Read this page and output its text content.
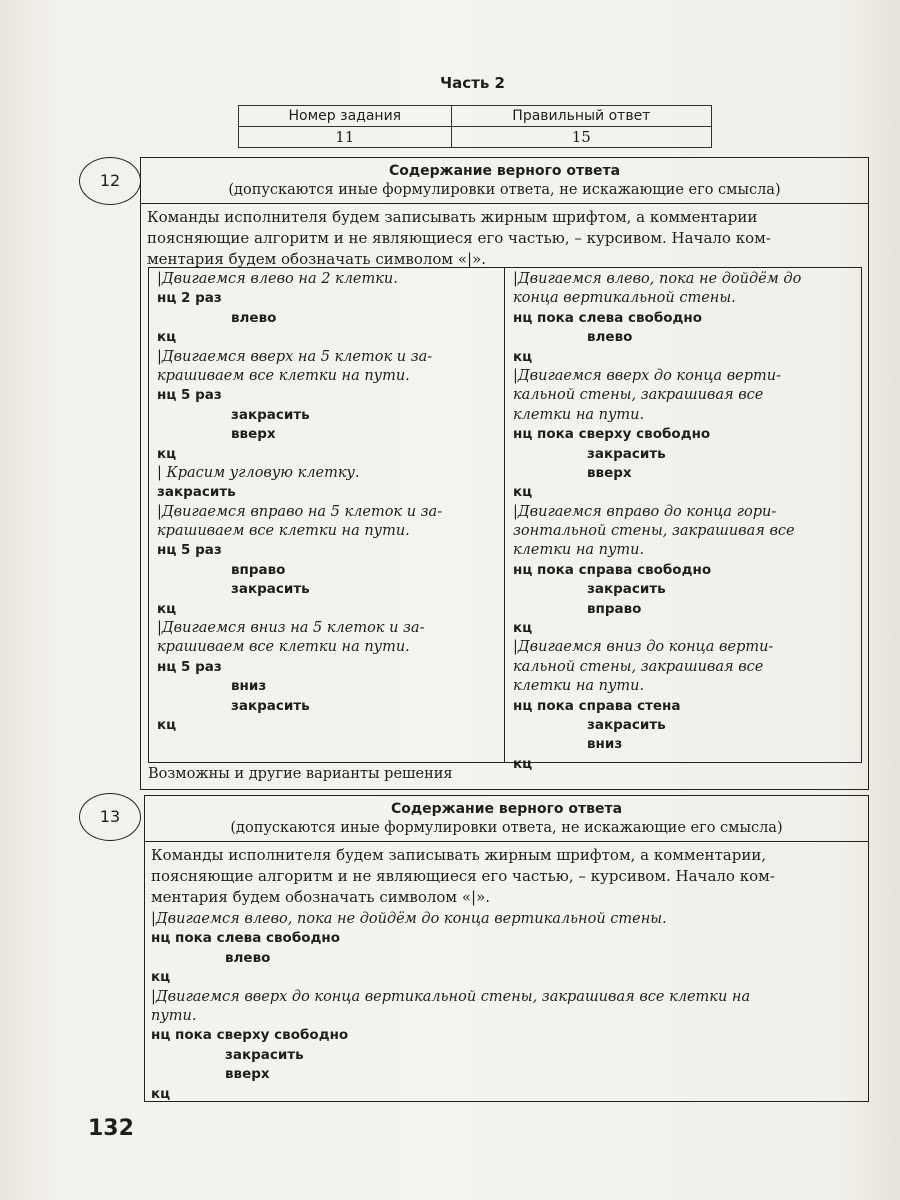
Часть 2
Номер задания	Правильный ответ
11	15
12	Содержание верного ответа
(допускаются иные формулировки ответа, не искажающие его смысла)
Команды исполнителя будем записывать жирным шрифтом, а комментарии
поясняющие алгоритм и не являющиеся его частью, – курсивом. Начало ком-
ментария будем обозначать символом «|».
|Двигаемся влево на 2 клетки.
нц 2 раз
влево
кц
|Двигаемся вверх на 5 клеток и за-
крашиваем все клетки на пути.
нц 5 раз
закрасить
вверх
кц
| Красим угловую клетку.
закрасить
|Двигаемся вправо на 5 клеток и за-
крашиваем все клетки на пути.
нц 5 раз
вправо
закрасить
кц
|Двигаемся вниз на 5 клеток и за-
крашиваем все клетки на пути.
нц 5 раз
вниз
закрасить
кц
|Двигаемся влево, пока не дойдём до
конца вертикальной стены.
нц пока слева свободно
влево
кц
|Двигаемся вверх до конца верти-
кальной стены, закрашивая все
клетки на пути.
нц пока сверху свободно
закрасить
вверх
кц
|Двигаемся вправо до конца гори-
зонтальной стены, закрашивая все
клетки на пути.
нц пока справа свободно
закрасить
вправо
кц
|Двигаемся вниз до конца верти-
кальной стены, закрашивая все
клетки на пути.
нц пока справа стена
закрасить
вниз
кц
Возможны и другие варианты решения
13	Содержание верного ответа
(допускаются иные формулировки ответа, не искажающие его смысла)
Команды исполнителя будем записывать жирным шрифтом, а комментарии,
поясняющие алгоритм и не являющиеся его частью, – курсивом. Начало ком-
ментария будем обозначать символом «|».
|Двигаемся влево, пока не дойдём до конца вертикальной стены.
нц пока слева свободно
влево
кц
|Двигаемся вверх до конца вертикальной стены, закрашивая все клетки на
пути.
нц пока сверху свободно
закрасить
вверх
кц
132
